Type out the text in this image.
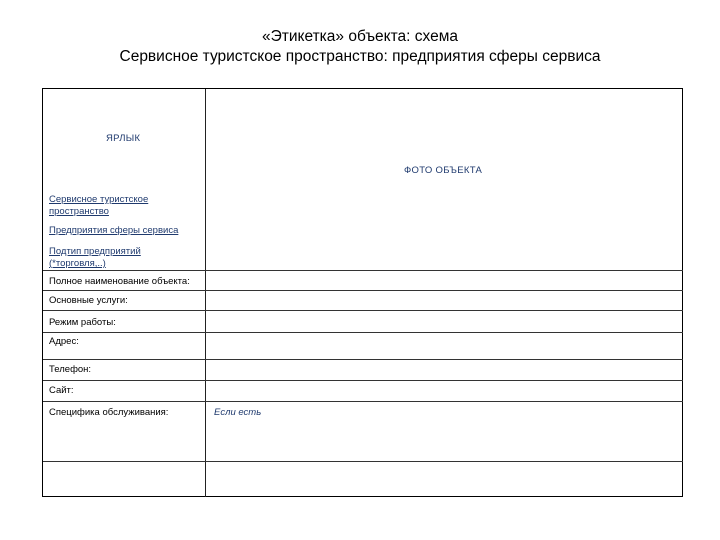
«Этикетка» объекта: схема
Сервисное туристское пространство: предприятия сферы сервиса
ЯРЛЫК
ФОТО ОБЪЕКТА
Сервисное туристское пространство
Предприятия сферы сервиса
Подтип предприятий (*торговля,..)
Полное наименование объекта:
Основные услуги:
Режим работы:
Адрес:
Телефон:
Сайт:
Специфика обслуживания:	Если есть
